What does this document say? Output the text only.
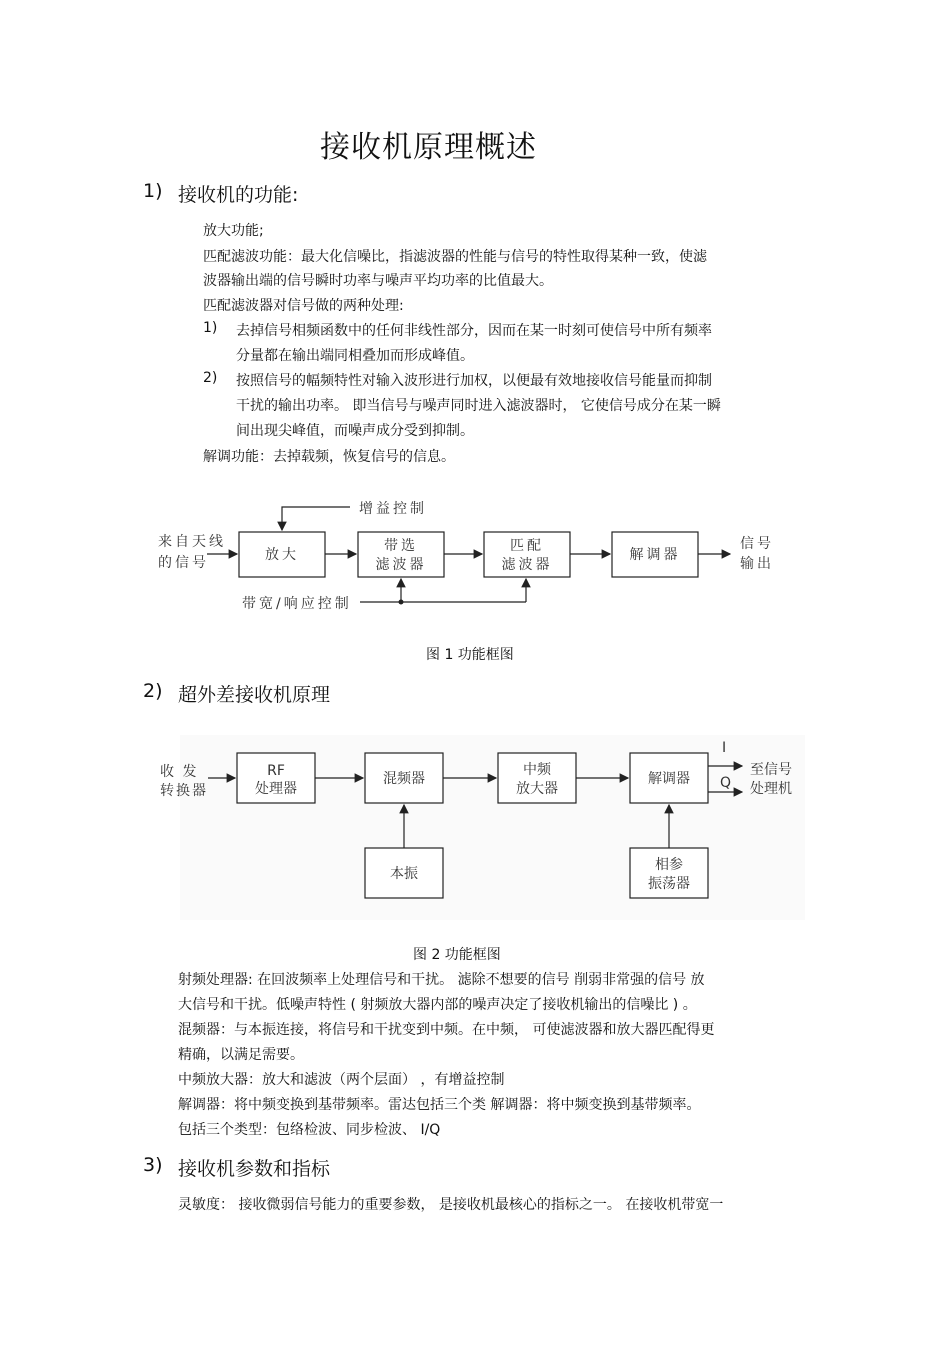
接收机原理概述
1) 接收机的功能:
放大功能;
匹配滤波功能：最大化信噪比，指滤波器的性能与信号的特性取得某种一致，使滤
波器输出端的信号瞬时功率与噪声平均功率的比值最大。
匹配滤波器对信号做的两种处理:
1) 去掉信号相频函数中的任何非线性部分，因而在某一时刻可使信号中所有频率
分量都在输出端同相叠加而形成峰值。
2) 按照信号的幅频特性对输入波形进行加权，以便最有效地接收信号能量而抑制
干扰的输出功率。 即当信号与噪声同时进入滤波器时， 它使信号成分在某一瞬
间出现尖峰值，而噪声成分受到抑制。
解调功能：去掉载频，恢复信号的信息。
来自天线
的信号
增益控制
放大
带选
滤波器
匹配
滤波器
解调器
信号
输出
带宽/响应控制
图 1 功能框图
2) 超外差接收机原理
收 发
转换器
RF
处理器
混频器
中频
放大器
解调器
I
Q
至信号
处理机
本振
相参
振荡器
图 2 功能框图
射频处理器: 在回波频率上处理信号和干扰。 滤除不想要的信号 削弱非常强的信号 放
大信号和干扰。低噪声特性 ( 射频放大器内部的噪声决定了接收机输出的信噪比 ) 。
混频器：与本振连接，将信号和干扰变到中频。在中频， 可使滤波器和放大器匹配得更
精确，以满足需要。
中频放大器：放大和滤波（两个层面） ，有增益控制
解调器：将中频变换到基带频率。雷达包括三个类 解调器：将中频变换到基带频率。
包括三个类型：包络检波、同步检波、 I/Q
3) 接收机参数和指标
灵敏度： 接收微弱信号能力的重要参数， 是接收机最核心的指标之一。 在接收机带宽一
